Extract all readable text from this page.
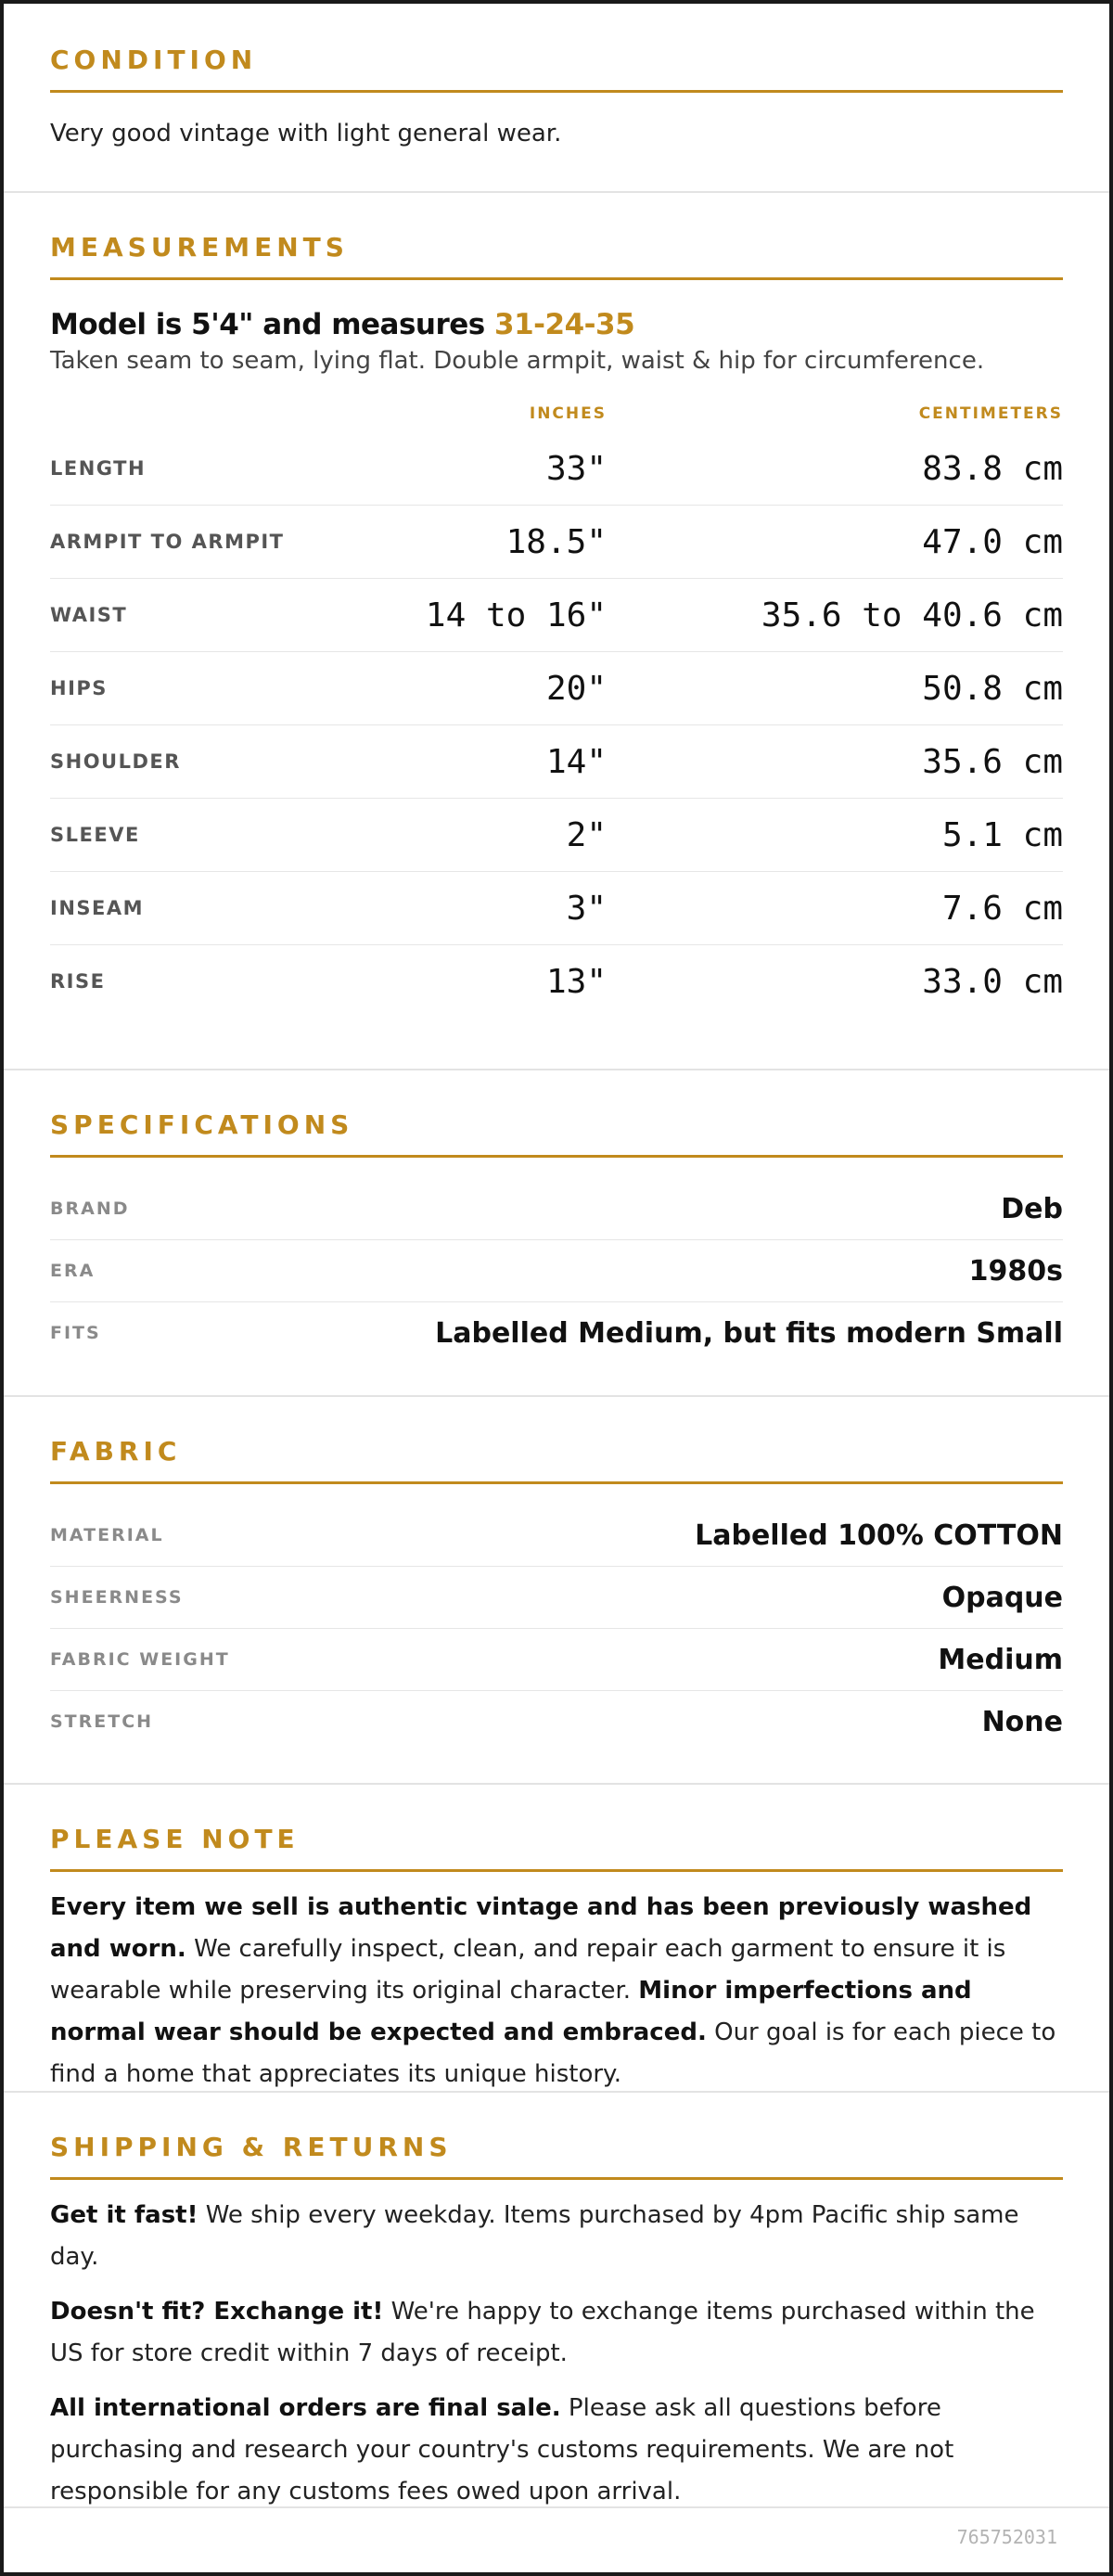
CONDITION
Very good vintage with light general wear.
MEASUREMENTS
Model is 5'4" and measures 31-24-35
Taken seam to seam, lying flat. Double armpit, waist & hip for circumference.
INCHES	CENTIMETERS
LENGTH	33"	83.8 cm
ARMPIT TO ARMPIT	18.5"	47.0 cm
WAIST	14 to 16"	35.6 to 40.6 cm
HIPS	20"	50.8 cm
SHOULDER	14"	35.6 cm
SLEEVE	2"	5.1 cm
INSEAM	3"	7.6 cm
RISE	13"	33.0 cm
SPECIFICATIONS
BRAND	Deb
ERA	1980s
FITS	Labelled Medium, but fits modern Small
FABRIC
MATERIAL	Labelled 100% COTTON
SHEERNESS	Opaque
FABRIC WEIGHT	Medium
STRETCH	None
PLEASE NOTE

Every item we sell is authentic vintage and has been previously washed and worn. We carefully inspect, clean, and repair each garment to ensure it is wearable while preserving its original character. Minor imperfections and normal wear should be expected and embraced. Our goal is for each piece to find a home that appreciates its unique history.

SHIPPING & RETURNS

Get it fast! We ship every weekday. Items purchased by 4pm Pacific ship same day.

Doesn't fit? Exchange it! We're happy to exchange items purchased within the US for store credit within 7 days of receipt.

All international orders are final sale. Please ask all questions before purchasing and research your country's customs requirements. We are not responsible for any customs fees owed upon arrival.

765752031
